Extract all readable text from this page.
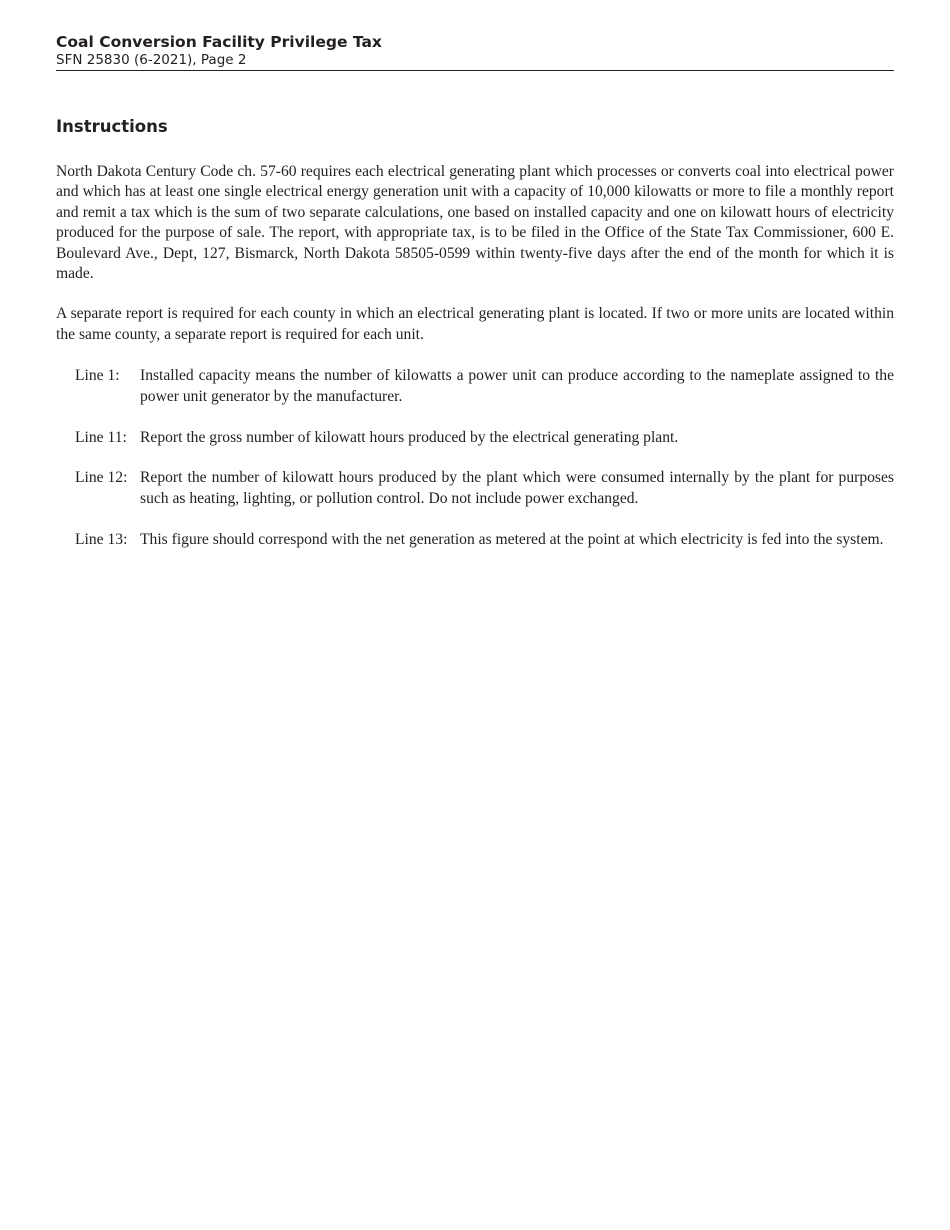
Coal Conversion Facility Privilege Tax
SFN 25830 (6-2021), Page 2
Instructions

North Dakota Century Code ch. 57-60 requires each electrical generating plant which processes or converts coal into electrical power and which has at least one single electrical energy generation unit with a capacity of 10,000 kilowatts or more to file a monthly report and remit a tax which is the sum of two separate calculations, one based on installed capacity and one on kilowatt hours of electricity produced for the purpose of sale. The report, with appropriate tax, is to be filed in the Office of the State Tax Commissioner, 600 E. Boulevard Ave., Dept, 127, Bismarck, North Dakota 58505-0599 within twenty-five days after the end of the month for which it is made.

A separate report is required for each county in which an electrical generating plant is located. If two or more units are located within the same county, a separate report is required for each unit.

Line 1:	Installed capacity means the number of kilowatts a power unit can produce according to the nameplate assigned to the power unit generator by the manufacturer.
Line 11: Report the gross number of kilowatt hours produced by the electrical generating plant.
Line 12: Report the number of kilowatt hours produced by the plant which were consumed internally by the plant for purposes such as heating, lighting, or pollution control. Do not include power exchanged.
Line 13: This figure should correspond with the net generation as metered at the point at which electricity is fed into the system.
